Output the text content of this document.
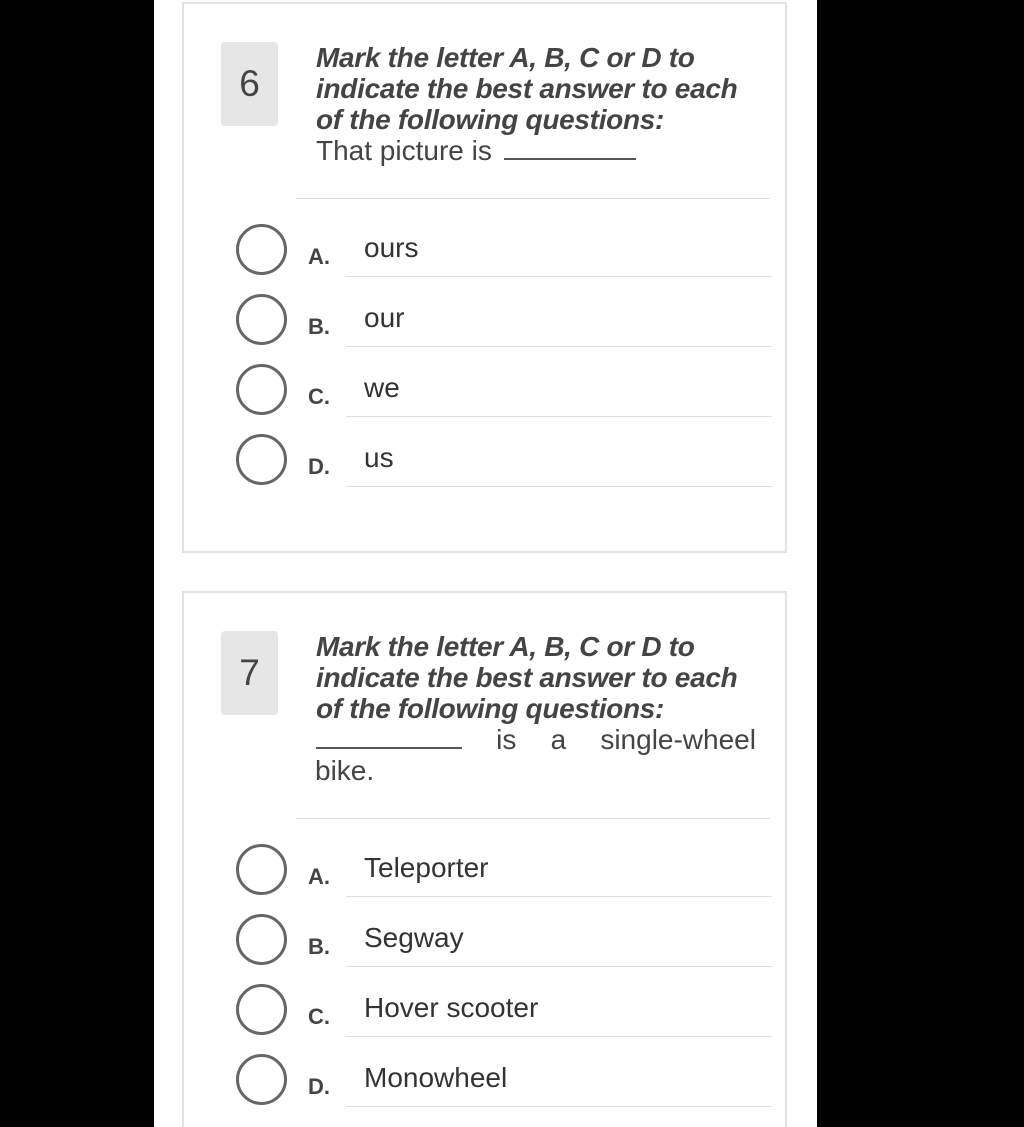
6
Mark the letter A, B, C or D to indicate the best answer to each of the following questions:
That picture is
A. ours
B. our
C. we
D. us
7
Mark the letter A, B, C or D to indicate the best answer to each of the following questions:
is a single-wheel
bike.
A. Teleporter
B. Segway
C. Hover scooter
D. Monowheel
